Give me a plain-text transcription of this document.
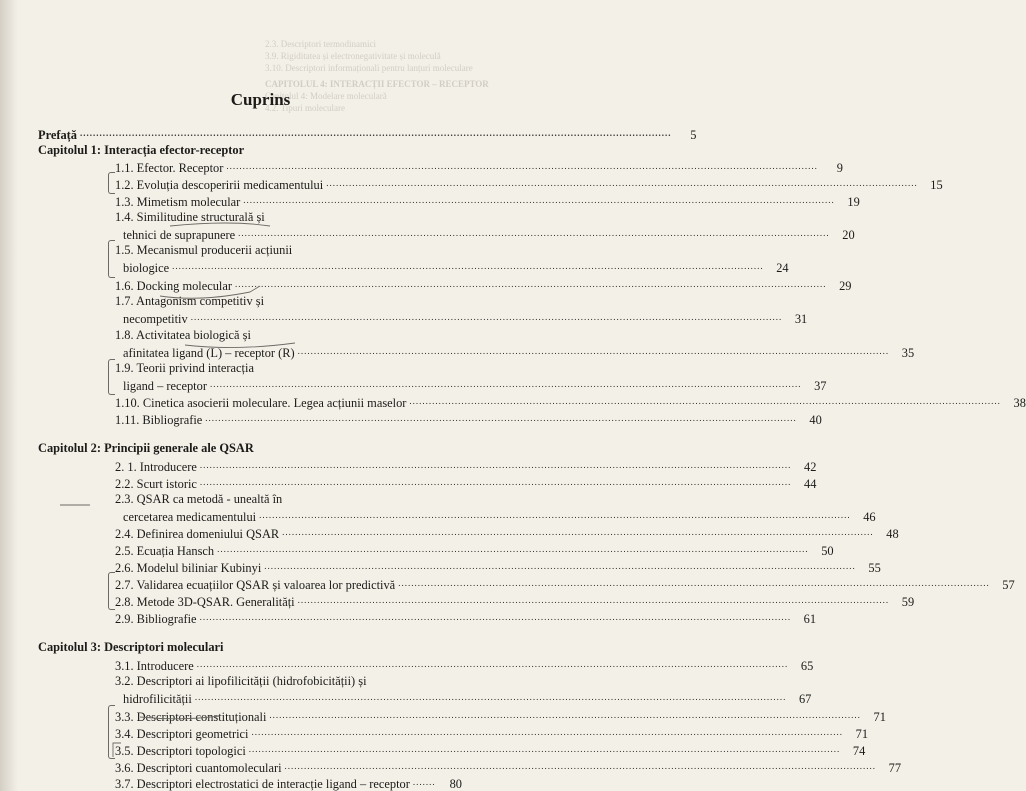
2.3. Descriptori termodinamici
3.9. Rigiditatea și electronegativitate și moleculă
3.10. Descriptori informaționali pentru lanțuri moleculare
CAPITOLUL 4: INTERACȚII EFECTOR – RECEPTOR
Capitolul 4: Modelare moleculară
4.2. Tipuri moleculare
Cuprins
Prefață ......................................................................................................................................................................................	5
Capitolul 1: Interacția efector-receptor
1.1. Efector. Receptor ......................................................................................................................................................................................	9
1.2. Evoluția descoperirii medicamentului ......................................................................................................................................................................................	15
1.3. Mimetism molecular ......................................................................................................................................................................................	19
1.4. Similitudine structurală și
tehnici de suprapunere ......................................................................................................................................................................................	20
1.5. Mecanismul producerii acțiunii
biologice ......................................................................................................................................................................................	24
1.6. Docking molecular ......................................................................................................................................................................................	29
1.7. Antagonism competitiv și
necompetitiv ......................................................................................................................................................................................	31
1.8. Activitatea biologică și
afinitatea ligand (L) – receptor (R) ......................................................................................................................................................................................	35
1.9. Teorii privind interacția
ligand – receptor ......................................................................................................................................................................................	37
1.10. Cinetica asocierii moleculare. Legea acțiunii maselor ......................................................................................................................................................................................	38
1.11. Bibliografie ......................................................................................................................................................................................	40
Capitolul 2: Principii generale ale QSAR
2. 1. Introducere ......................................................................................................................................................................................	42
2.2. Scurt istoric ......................................................................................................................................................................................	44
2.3. QSAR ca metodă - unealtă în
cercetarea medicamentului ......................................................................................................................................................................................	46
2.4. Definirea domeniului QSAR ......................................................................................................................................................................................	48
2.5. Ecuația Hansch ......................................................................................................................................................................................	50
2.6. Modelul biliniar Kubinyi ......................................................................................................................................................................................	55
2.7. Validarea ecuațiilor QSAR și valoarea lor predictivă ......................................................................................................................................................................................	57
2.8. Metode 3D-QSAR. Generalități ......................................................................................................................................................................................	59
2.9. Bibliografie ......................................................................................................................................................................................	61
Capitolul 3: Descriptori moleculari
3.1. Introducere ......................................................................................................................................................................................	65
3.2. Descriptori ai lipofilicității (hidrofobicității) și
hidrofilicității ......................................................................................................................................................................................	67
3.3. Descriptori constituționali ......................................................................................................................................................................................	71
3.4. Descriptori geometrici ......................................................................................................................................................................................	71
3.5. Descriptori topologici ......................................................................................................................................................................................	74
3.6. Descriptori cuantomoleculari ......................................................................................................................................................................................	77
3.7. Descriptori electrostatici de interacție ligand – receptor .......	80
